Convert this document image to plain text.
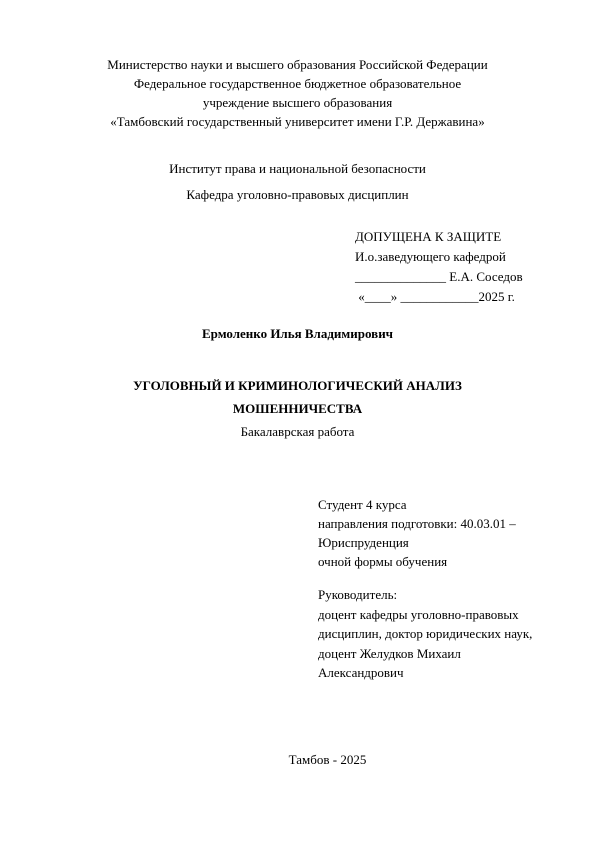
Министерство науки и высшего образования Российской Федерации
Федеральное государственное бюджетное образовательное
учреждение высшего образования
«Тамбовский государственный университет имени Г.Р. Державина»
Институт права и национальной безопасности
Кафедра уголовно-правовых дисциплин
ДОПУЩЕНА К ЗАЩИТЕ
И.о.заведующего кафедрой
______________ Е.А. Соседов
«____» ____________2025 г.
Ермоленко Илья Владимирович
УГОЛОВНЫЙ И КРИМИНОЛОГИЧЕСКИЙ АНАЛИЗ
МОШЕННИЧЕСТВА
Бакалаврская работа
Студент 4 курса
направления подготовки: 40.03.01 –
Юриспруденция
очной формы обучения
Руководитель:
доцент кафедры уголовно-правовых
дисциплин, доктор юридических наук,
доцент Желудков Михаил
Александрович
Тамбов - 2025
